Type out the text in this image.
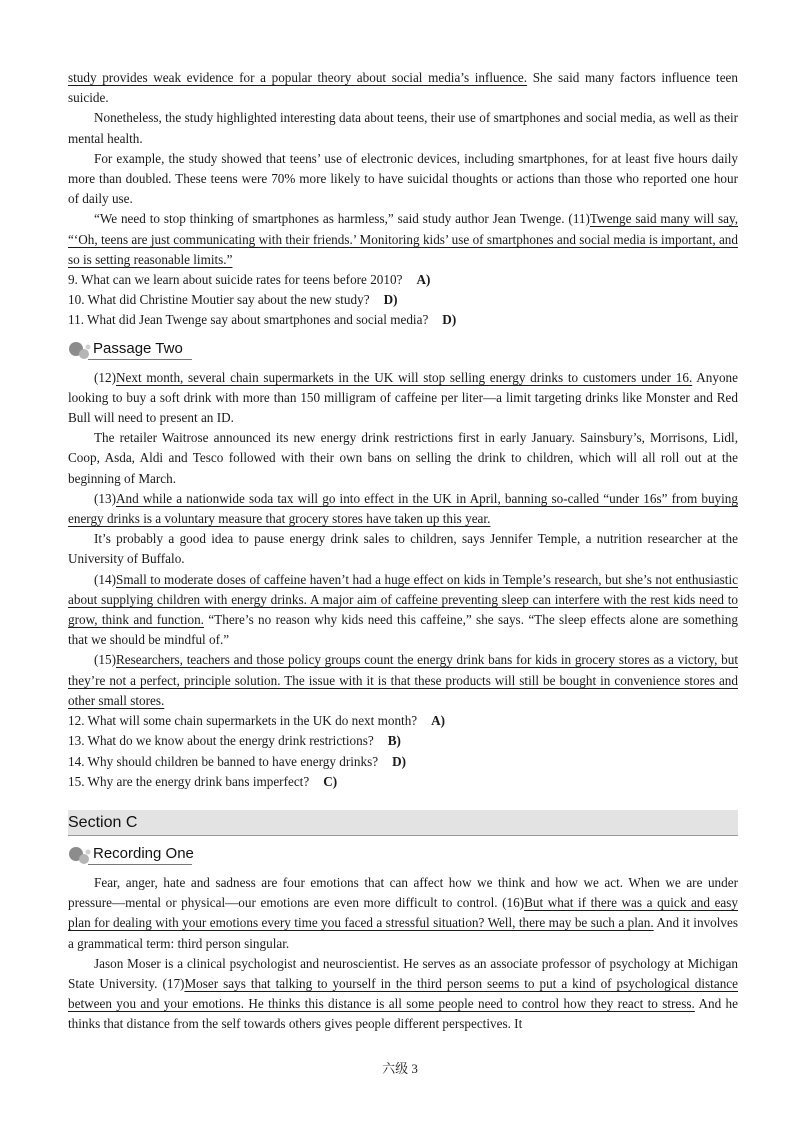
study provides weak evidence for a popular theory about social media’s influence. She said many factors influence teen suicide.

Nonetheless, the study highlighted interesting data about teens, their use of smartphones and social media, as well as their mental health.

For example, the study showed that teens’ use of electronic devices, including smartphones, for at least five hours daily more than doubled. These teens were 70% more likely to have suicidal thoughts or actions than those who reported one hour of daily use.

“We need to stop thinking of smartphones as harmless,” said study author Jean Twenge. (11)Twenge said many will say, “‘Oh, teens are just communicating with their friends.’ Monitoring kids’ use of smartphones and social media is important, and so is setting reasonable limits.”

9. What can we learn about suicide rates for teens before 2010? A)

10. What did Christine Moutier say about the new study? D)

11. What did Jean Twenge say about smartphones and social media? D)

Passage Two

(12)Next month, several chain supermarkets in the UK will stop selling energy drinks to customers under 16. Anyone looking to buy a soft drink with more than 150 milligram of caffeine per liter—a limit targeting drinks like Monster and Red Bull will need to present an ID.

The retailer Waitrose announced its new energy drink restrictions first in early January. Sainsbury’s, Morrisons, Lidl, Coop, Asda, Aldi and Tesco followed with their own bans on selling the drink to children, which will all roll out at the beginning of March.

(13)And while a nationwide soda tax will go into effect in the UK in April, banning so-called “under 16s” from buying energy drinks is a voluntary measure that grocery stores have taken up this year.

It’s probably a good idea to pause energy drink sales to children, says Jennifer Temple, a nutrition researcher at the University of Buffalo.

(14)Small to moderate doses of caffeine haven’t had a huge effect on kids in Temple’s research, but she’s not enthusiastic about supplying children with energy drinks. A major aim of caffeine preventing sleep can interfere with the rest kids need to grow, think and function. “There’s no reason why kids need this caffeine,” she says. “The sleep effects alone are something that we should be mindful of.”

(15)Researchers, teachers and those policy groups count the energy drink bans for kids in grocery stores as a victory, but they’re not a perfect, principle solution. The issue with it is that these products will still be bought in convenience stores and other small stores.

12. What will some chain supermarkets in the UK do next month? A)

13. What do we know about the energy drink restrictions? B)

14. Why should children be banned to have energy drinks? D)

15. Why are the energy drink bans imperfect? C)

Section C
Recording One

Fear, anger, hate and sadness are four emotions that can affect how we think and how we act. When we are under pressure—mental or physical—our emotions are even more difficult to control. (16)But what if there was a quick and easy plan for dealing with your emotions every time you faced a stressful situation? Well, there may be such a plan. And it involves a grammatical term: third person singular.

Jason Moser is a clinical psychologist and neuroscientist. He serves as an associate professor of psychology at Michigan State University. (17)Moser says that talking to yourself in the third person seems to put a kind of psychological distance between you and your emotions. He thinks this distance is all some people need to control how they react to stress. And he thinks that distance from the self towards others gives people different perspectives. It

六级 3
